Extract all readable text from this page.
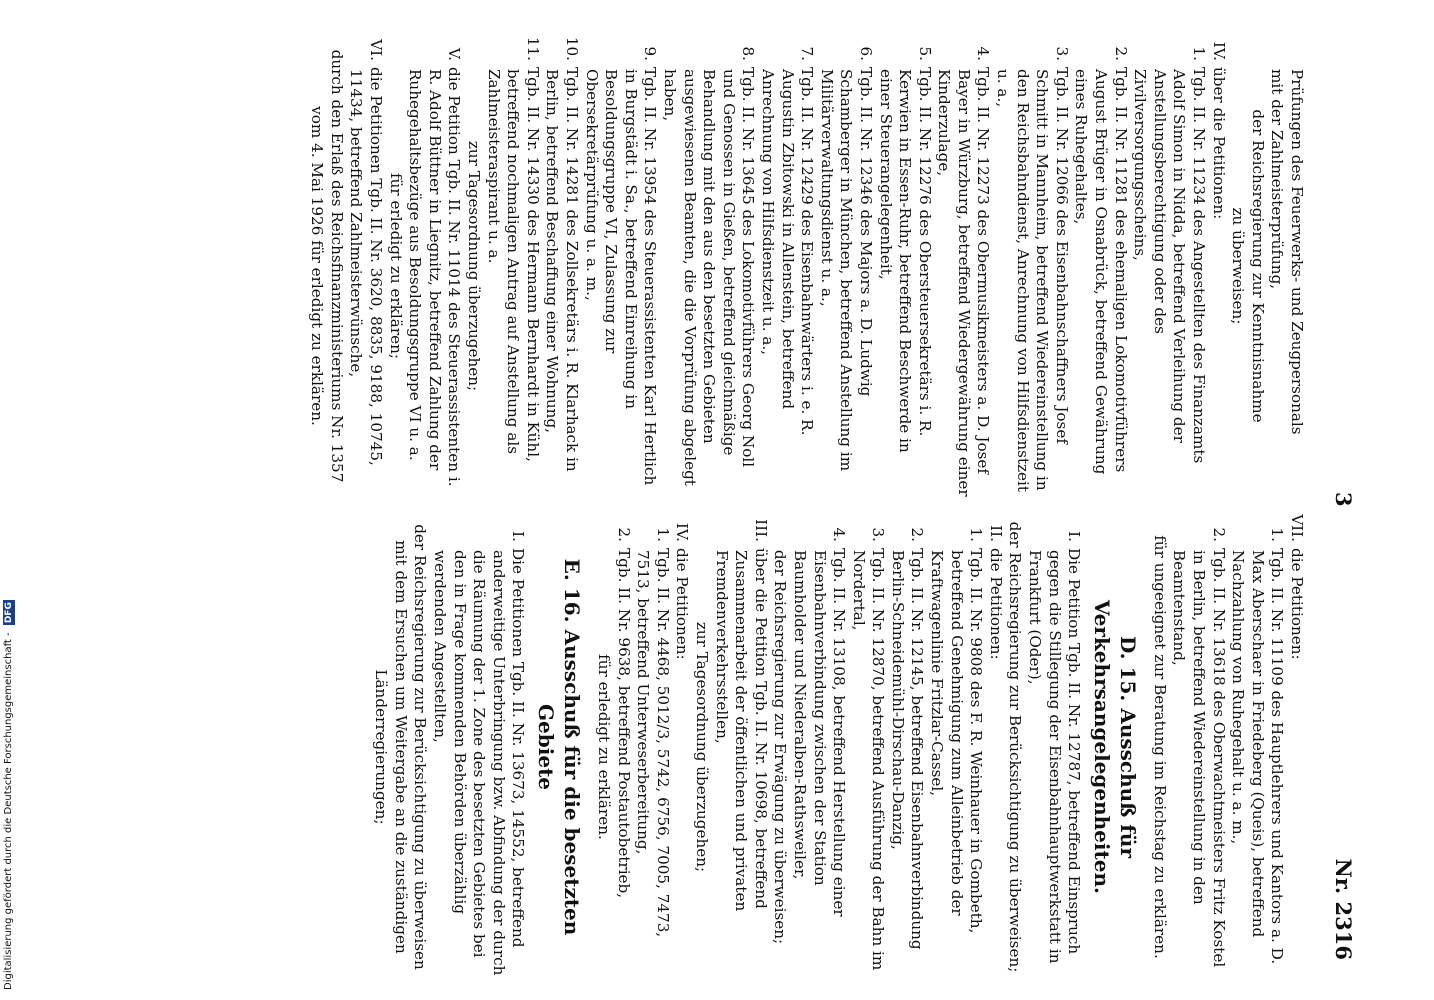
3
Nr. 2316
Prüfungen des Feuerwerks- und Zeugpersonals
mit der Zahlmeisterprüfung,
der Reichsregierung zur Kenntnisnahme
zu überweisen;
IV.über die Petitionen:
1.Tgb. II. Nr. 11234 des Angestellten des Finanzamts Adolf Simon in Nidda, betreffend Verleihung der Anstellungsberechtigung oder des Zivilversorgungsscheins,
2.Tgb. II. Nr. 11281 des ehemaligen Lokomotivführers August Brüger in Osnabrück, betreffend Gewährung eines Ruhegehaltes,
3.Tgb. II. Nr. 12066 des Eisenbahnschaffners Josef Schmitt in Mannheim, betreffend Wiedereinstellung in den Reichsbahndienst, Anrechnung von Hilfsdienstzeit u. a.,
4.Tgb. II. Nr. 12273 des Obermusikmeisters a. D. Josef Bayer in Würzburg, betreffend Wiedergewährung einer Kinderzulage,
5.Tgb. II. Nr. 12276 des Obersteuersekretärs i. R. Kerwien in Essen-Ruhr, betreffend Beschwerde in einer Steuerangelegenheit,
6.Tgb. II. Nr. 12346 des Majors a. D. Ludwig Schamberger in München, betreffend Anstellung im Militärverwaltungsdienst u. a.,
7.Tgb. II. Nr. 12429 des Eisenbahnwärters i. e. R. Augustin Zbitowski in Allenstein, betreffend Anrechnung von Hilfsdienstzeit u. a.,
8.Tgb. II. Nr. 13645 des Lokomotivführers Georg Noll und Genossen in Gießen, betreffend gleichmäßige Behandlung mit den aus den besetzten Gebieten ausgewiesenen Beamten, die die Vorprüfung abgelegt haben,
9.Tgb. II. Nr. 13954 des Steuerassistenten Karl Hertlich in Burgstädt i. Sa., betreffend Einreihung in Besoldungsgruppe VI, Zulassung zur Obersekretärprüfung u. a. m.,
10.Tgb. II. Nr. 14281 des Zollsekretärs i. R. Klarhack in Berlin, betreffend Beschaffung einer Wohnung,
11.Tgb. II. Nr. 14330 des Hermann Bernhardt in Kühl, betreffend nochmaligen Antrag auf Anstellung als Zahlmeisteraspirant u. a.
zur Tagesordnung überzugehen;
V.die Petition Tgb. II. Nr. 11014 des Steuerassistenten i. R. Adolf Büttner in Liegnitz, betreffend Zahlung der Ruhegehaltsbezüge aus Besoldungsgruppe VI u. a.
für erledigt zu erklären;
VI.die Petitionen Tgb. II. Nr. 3620, 8835, 9188, 10745, 11434, betreffend Zahlmeisterwünsche,
durch den Erlaß des Reichsfinanzministeriums Nr. 1357 vom 4. Mai 1926 für erledigt zu erklären.
VII.die Petitionen:
1.Tgb. II. Nr. 11109 des Hauptlehrers und Kantors a. D. Max Aberschaer in Friedeberg (Queis), betreffend Nachzahlung von Ruhegehalt u. a. m.,
2.Tgb. II. Nr. 13618 des Oberwachtmeisters Fritz Kostel in Berlin, betreffend Wiedereinstellung in den Beamtenstand,
für ungeeignet zur Beratung im Reichstag zu erklären.
D. 15. Ausschuß für Verkehrsangelegenheiten.
I.Die Petition Tgb. II. Nr. 12787, betreffend Einspruch gegen die Stillegung der Eisenbahnhauptwerkstatt in Frankfurt (Oder),
der Reichsregierung zur Berücksichtigung zu überweisen;
II.die Petitionen:
1.Tgb. II. Nr. 9808 des F. R. Weinhauer in Gombeth, betreffend Genehmigung zum Alleinbetrieb der Kraftwagenlinie Fritzlar-Cassel,
2.Tgb. II. Nr. 12145, betreffend Eisenbahnverbindung Berlin-Schneidemühl-Dirschau-Danzig,
3.Tgb. II. Nr. 12870, betreffend Ausführung der Bahn im Nordertal,
4.Tgb. II. Nr. 13108, betreffend Herstellung einer Eisenbahnverbindung zwischen der Station Baumholder und Niederalben-Rathsweiler,
der Reichsregierung zur Erwägung zu überweisen;
III.über die Petition Tgb. II. Nr. 10698, betreffend Zusammenarbeit der öffentlichen und privaten Fremdenverkehrsstellen,
zur Tagesordnung überzugehen;
IV.die Petitionen:
1.Tgb. II. Nr. 4468, 5012/3, 5742, 6756, 7005, 7473, 7513, betreffend Unterweserbereitung,
2.Tgb. II. Nr. 9638, betreffend Postautobetrieb,
für erledigt zu erklären.
E. 16. Ausschuß für die besetzten Gebiete
I.Die Petitionen Tgb. II. Nr. 13673, 14552, betreffend anderweitige Unterbringung bzw. Abfindung der durch die Räumung der 1. Zone des besetzten Gebietes bei den in Frage kommenden Behörden überzählig werdenden Angestellten,
der Reichsregierung zur Berücksichtigung zu überweisen mit dem Ersuchen um Weitergabe an die zuständigen Länderregierungen;
Digitalisierung gefördert durch die Deutsche Forschungsgemeinschaft - DFG
